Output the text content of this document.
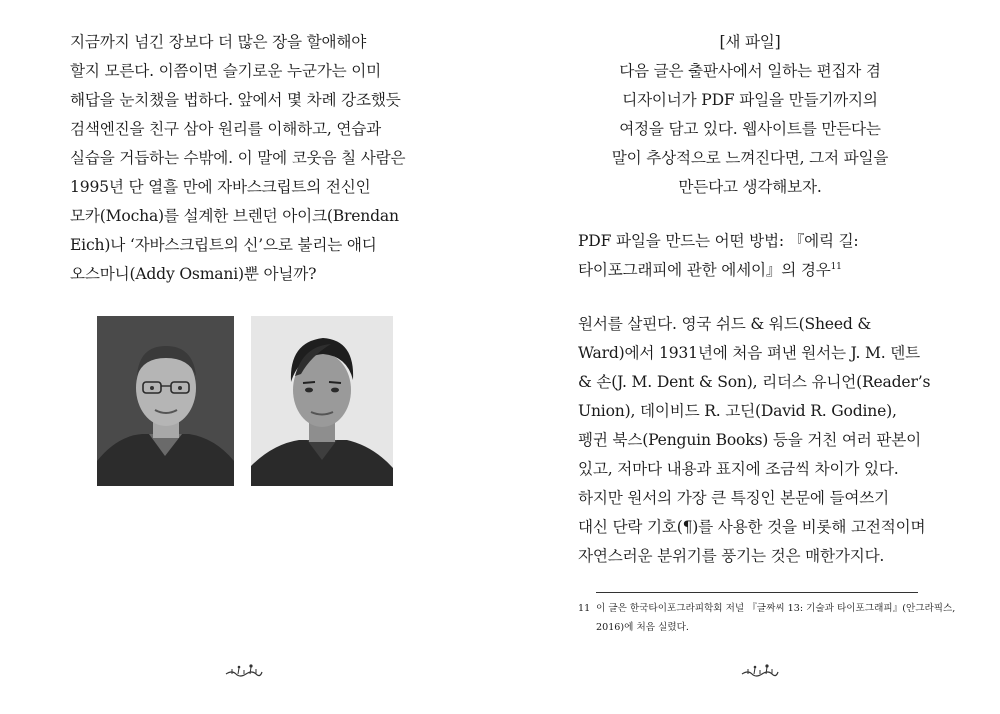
지금까지 넘긴 장보다 더 많은 장을 할애해야
할지 모른다. 이쯤이면 슬기로운 누군가는 이미
해답을 눈치챘을 법하다. 앞에서 몇 차례 강조했듯
검색엔진을 친구 삼아 원리를 이해하고, 연습과
실습을 거듭하는 수밖에. 이 말에 코웃음 칠 사람은
1995년 단 열흘 만에 자바스크립트의 전신인
모카(Mocha)를 설계한 브렌던 아이크(Brendan
Eich)나 ‘자바스크립트의 신’으로 불리는 애디
오스마니(Addy Osmani)뿐 아닐까?
[새 파일]
다음 글은 출판사에서 일하는 편집자 겸
디자이너가 PDF 파일을 만들기까지의
여정을 담고 있다. 웹사이트를 만든다는
말이 추상적으로 느껴진다면, 그저 파일을
만든다고 생각해보자.
PDF 파일을 만드는 어떤 방법: 『에릭 길:
타이포그래피에 관한 에세이』의 경우$^{11}$
원서를 살핀다. 영국 쉬드 & 워드(Sheed &
Ward)에서 1931년에 처음 펴낸 원서는 J. M. 덴트
& 손(J. M. Dent & Son), 리더스 유니언(Reader’s
Union), 데이비드 R. 고딘(David R. Godine),
펭귄 북스(Penguin Books) 등을 거친 여러 판본이
있고, 저마다 내용과 표지에 조금씩 차이가 있다.
하지만 원서의 가장 큰 특징인 본문에 들여쓰기
대신 단락 기호(¶)를 사용한 것을 비롯해 고전적이며
자연스러운 분위기를 풍기는 것은 매한가지다.
11 이 글은 한국타이포그라피학회 저널 『글짜씨 13: 기술과 타이포그래피』(안그라픽스,
2016)에 처음 실렸다.
